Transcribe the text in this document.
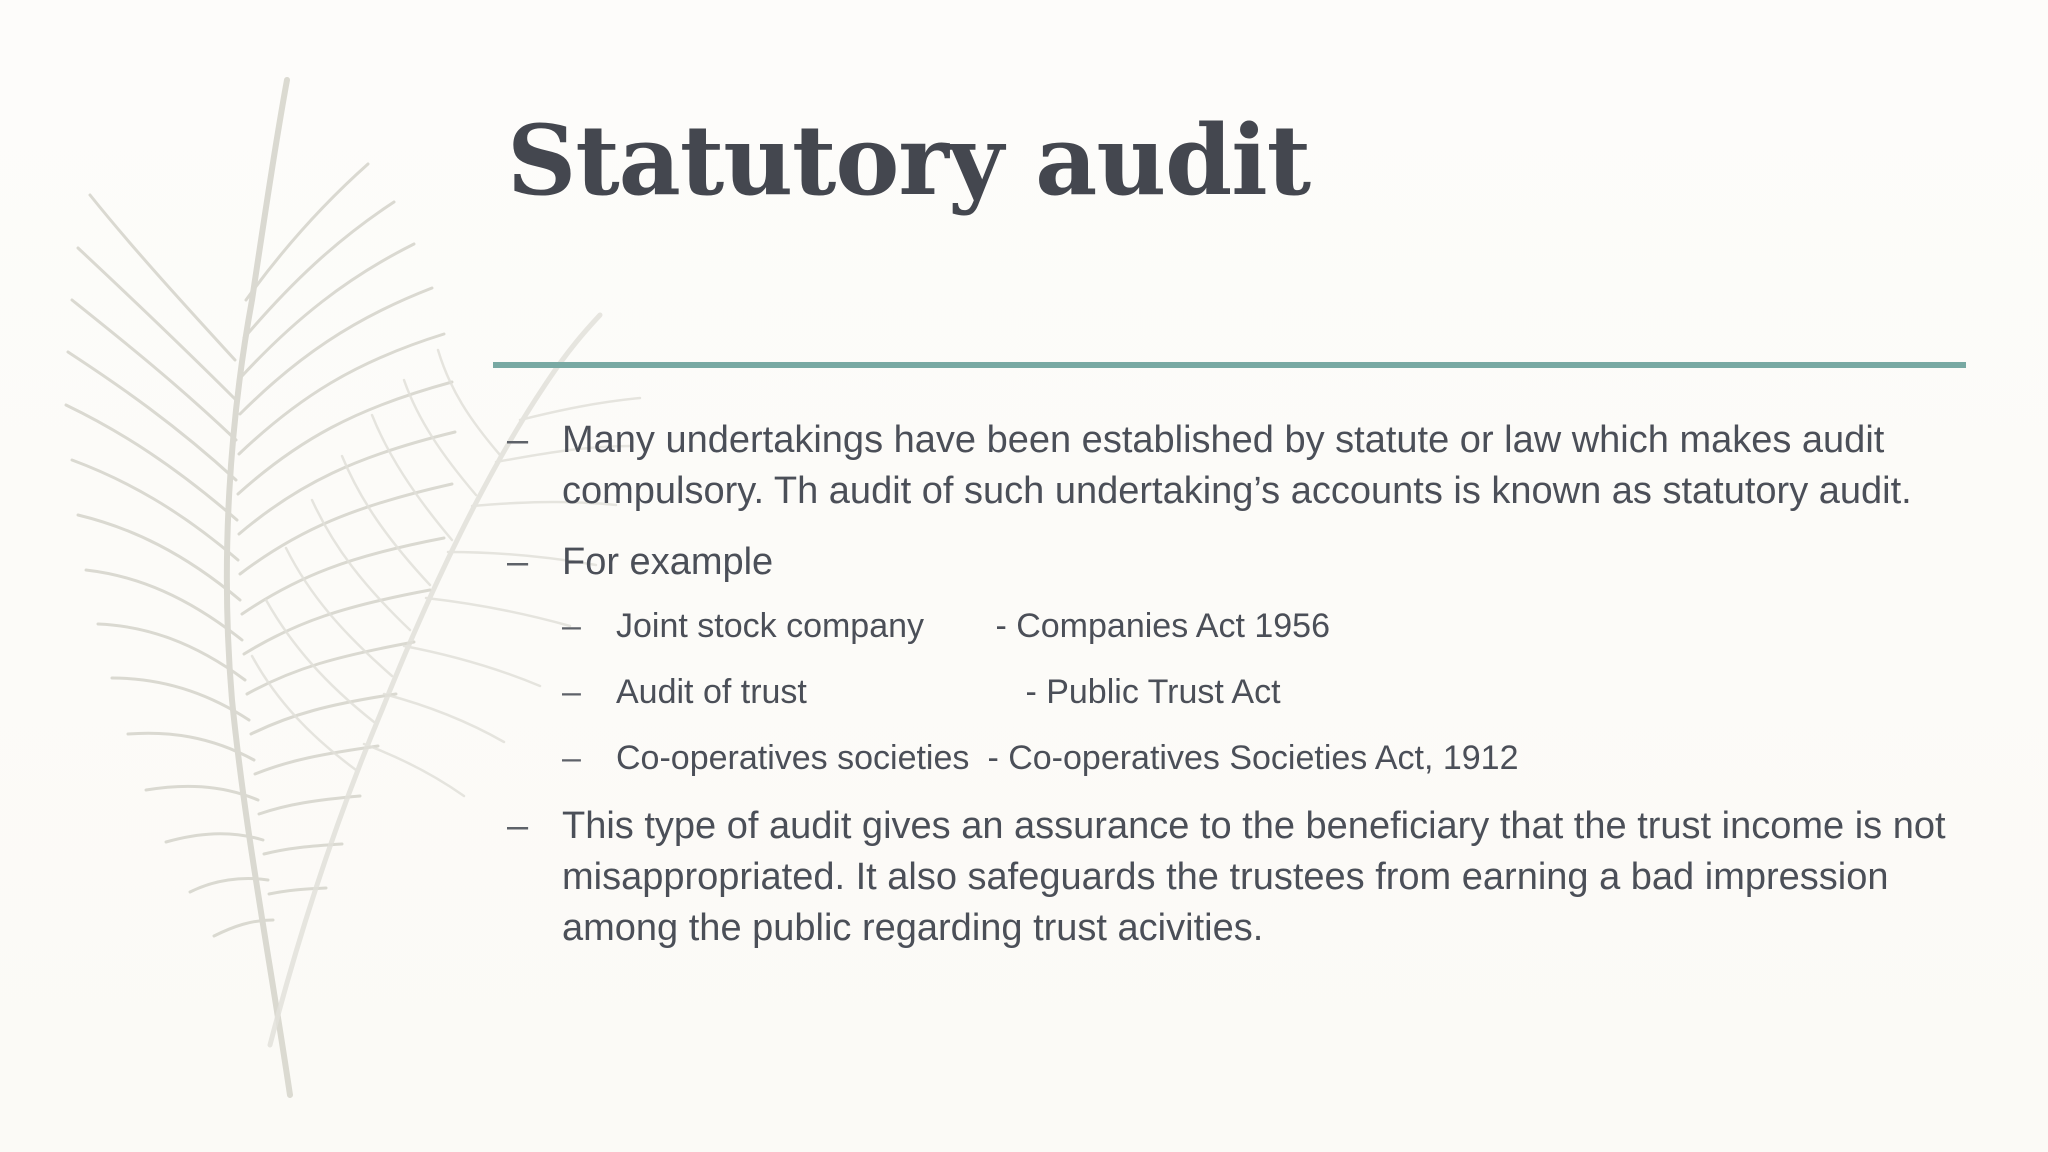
Statutory audit
– Many undertakings have been established by statute or law which makes audit compulsory. Th audit of such undertaking’s accounts is known as statutory audit.
– For example
– Joint stock company - Companies Act 1956
– Audit of trust	- Public Trust Act
– Co-operatives societies - Co-operatives Societies Act, 1912
– This type of audit gives an assurance to the beneficiary that the trust income is not misappropriated. It also safeguards the trustees from earning a bad impression among the public regarding trust acivities.
